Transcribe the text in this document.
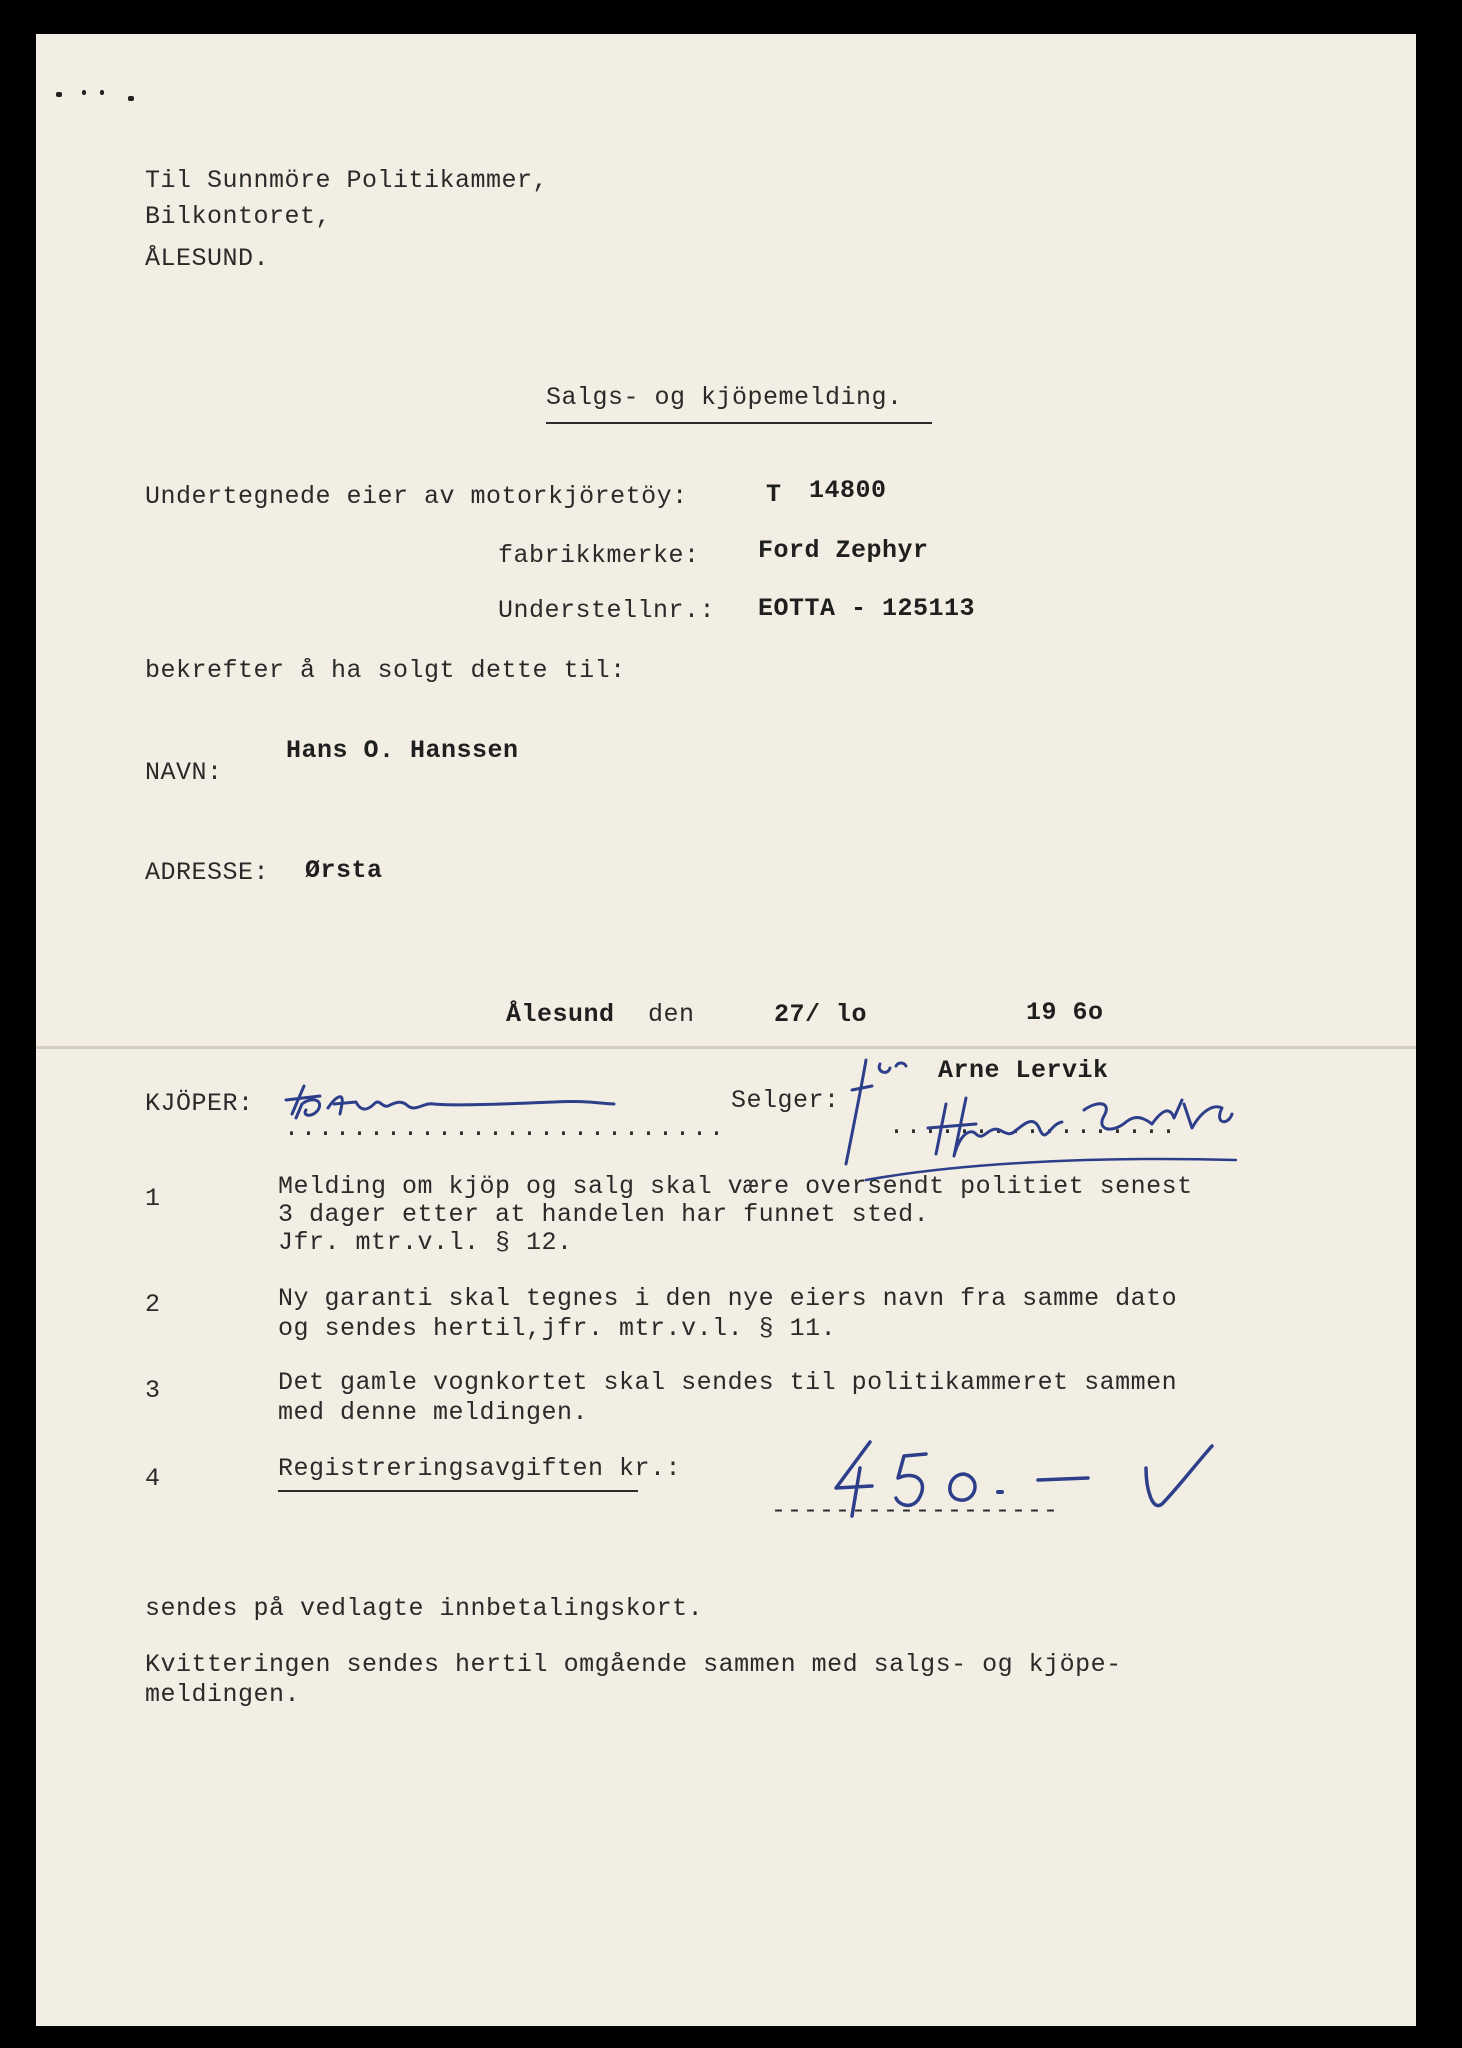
Til Sunnmöre Politikammer,
Bilkontoret,
ÅLESUND.
Salgs- og kjöpemelding.
Undertegnede eier av motorkjöretöy:	T 14800
fabrikkmerke: Ford Zephyr
Understellnr.: EOTTA - 125113
bekrefter å ha solgt dette til:
NAVN:
Hans O. Hanssen
ADRESSE: Ørsta
Ålesund den	27/ lo	19 6o
KJÖPER:
..........................
Selger:
Arne Lervik
.................
1	Melding om kjöp og salg skal være oversendt politiet senest
3 dager etter at handelen har funnet sted.
Jfr. mtr.v.l. § 12.
2	Ny garanti skal tegnes i den nye eiers navn fra samme dato
og sendes hertil,jfr. mtr.v.l. § 11.
3	Det gamle vognkortet skal sendes til politikammeret sammen
med denne meldingen.
4	Registreringsavgiften kr.:
------------------
sendes på vedlagte innbetalingskort.
Kvitteringen sendes hertil omgående sammen med salgs- og kjöpe-
meldingen.
